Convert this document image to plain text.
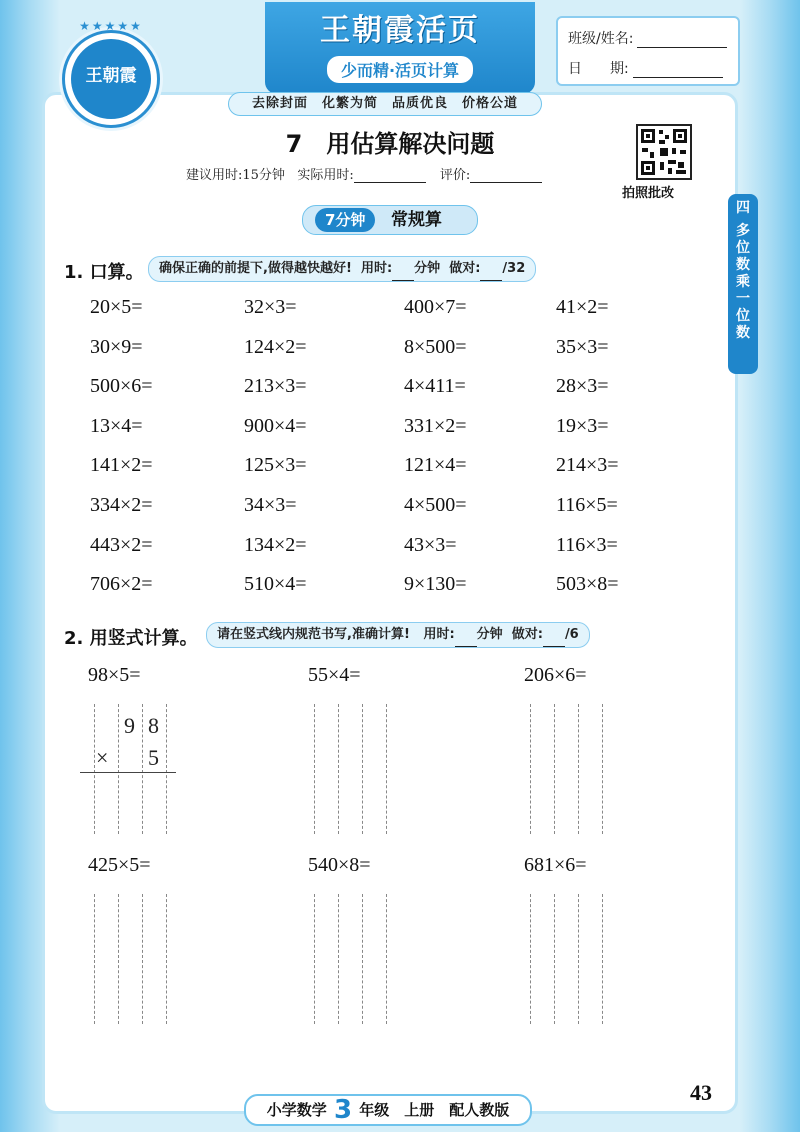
★★★★★
王朝霞
王朝霞活页
少而精·活页计算
班级/姓名:
日　　期:
去除封面　化繁为简　品质优良　价格公道
7　用估算解决问题
建议用时:15分钟 实际用时:	评价:
拍照批改
7分钟	常规算
四
多
位
数
乘
一
位
数
1. 口算。	确保正确的前提下,做得越快越好! 用时: 分钟 做对: /32
20×5=	32×3=	400×7=	41×2=
30×9=	124×2=	8×500=	35×3=
500×6=	213×3=	4×411=	28×3=
13×4=	900×4=	331×2=	19×3=
141×2=	125×3=	121×4=	214×3=
334×2=	34×3=	4×500=	116×5=
443×2=	134×2=	43×3=	116×3=
706×2=	510×4=	9×130=	503×8=
2. 用竖式计算。	请在竖式线内规范书写,准确计算! 用时: 分钟 做对: /6
98×5=	55×4=	206×6=
425×5=	540×8=	681×6=
9 8
× 5
小学数学 3 年级　上册　配人教版
43
